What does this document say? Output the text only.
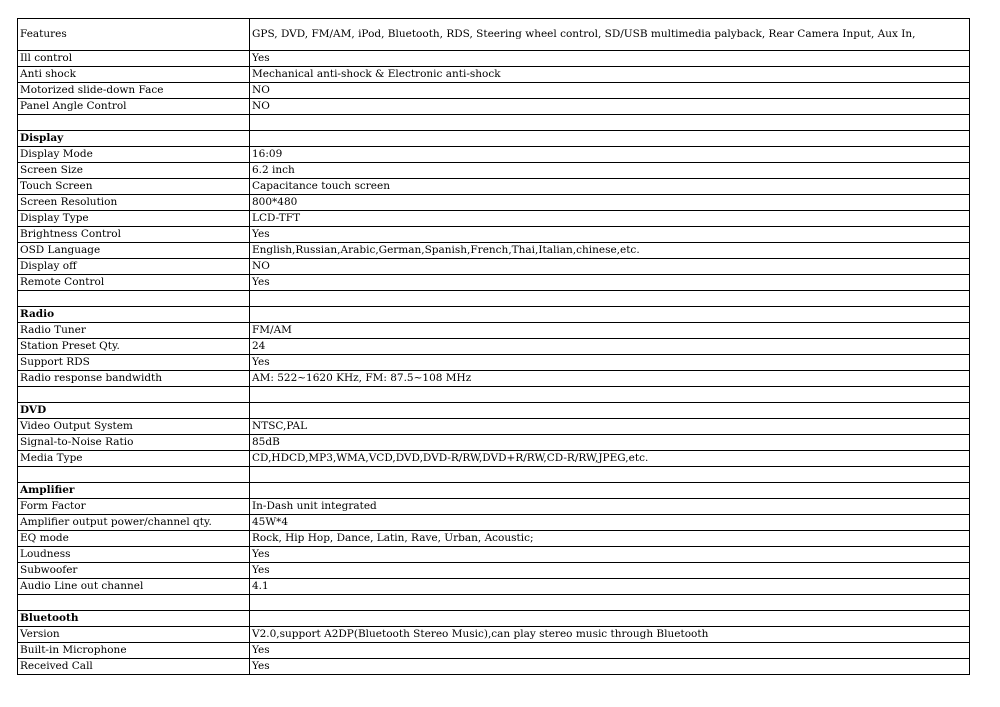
Features	GPS, DVD, FM/AM, iPod, Bluetooth, RDS, Steering wheel control, SD/USB multimedia palyback, Rear Camera Input, Aux In,
Ill control	Yes
Anti shock	Mechanical anti-shock & Electronic anti-shock
Motorized slide-down Face	NO
Panel Angle Control	NO

Display	
Display Mode	16:09
Screen Size	6.2 inch
Touch Screen	Capacitance touch screen
Screen Resolution	800*480
Display Type	LCD-TFT
Brightness Control	Yes
OSD Language	English,Russian,Arabic,German,Spanish,French,Thai,Italian,chinese,etc.
Display off	NO
Remote Control	Yes

Radio	
Radio Tuner	FM/AM
Station Preset Qty.	24
Support RDS	Yes
Radio response bandwidth	AM: 522~1620 KHz, FM: 87.5~108 MHz

DVD	
Video Output System	NTSC,PAL
Signal-to-Noise Ratio	85dB
Media Type	CD,HDCD,MP3,WMA,VCD,DVD,DVD-R/RW,DVD+R/RW,CD-R/RW,JPEG,etc.

Amplifier	
Form Factor	In-Dash unit integrated
Amplifier output power/channel qty.	45W*4
EQ mode	Rock, Hip Hop, Dance, Latin, Rave, Urban, Acoustic;
Loudness	Yes
Subwoofer	Yes
Audio Line out channel	4.1

Bluetooth	
Version	V2.0,support A2DP(Bluetooth Stereo Music),can play stereo music through Bluetooth
Built-in Microphone	Yes
Received Call	Yes
